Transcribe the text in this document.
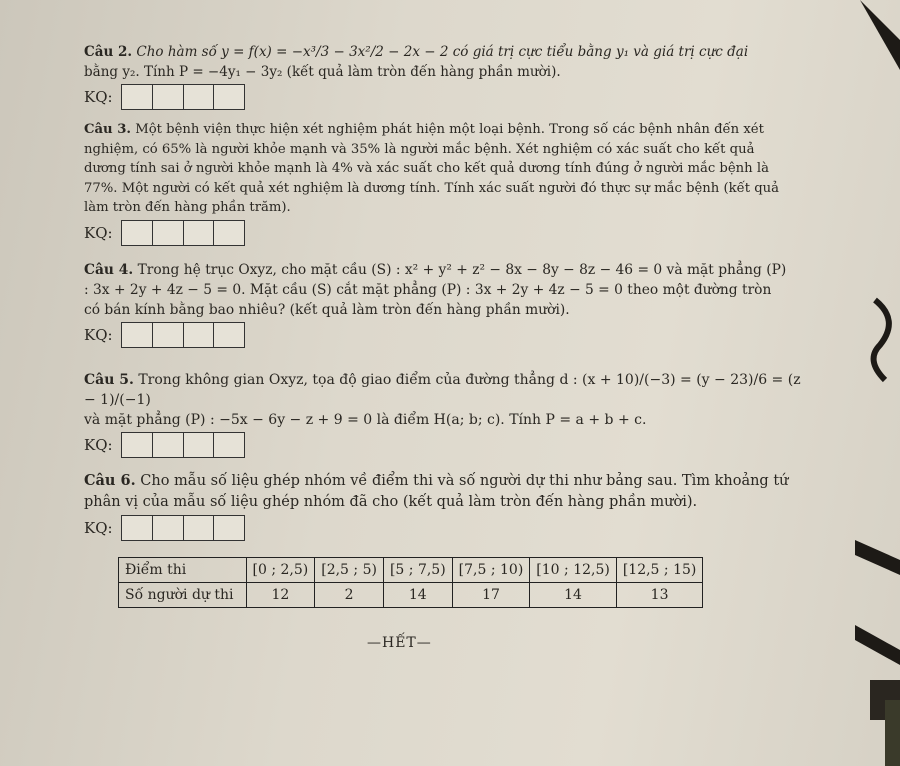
Câu 2. Cho hàm số y = f(x) = −x³/3 − 3x²/2 − 2x − 2 có giá trị cực tiểu bằng y₁ và giá trị cực đại
bằng y₂. Tính P = −4y₁ − 3y₂ (kết quả làm tròn đến hàng phần mười).
KQ:
Câu 3. Một bệnh viện thực hiện xét nghiệm phát hiện một loại bệnh. Trong số các bệnh nhân đến xét nghiệm, có 65% là người khỏe mạnh và 35% là người mắc bệnh. Xét nghiệm có xác suất cho kết quả dương tính sai ở người khỏe mạnh là 4% và xác suất cho kết quả dương tính đúng ở người mắc bệnh là 77%. Một người có kết quả xét nghiệm là dương tính. Tính xác suất người đó thực sự mắc bệnh (kết quả làm tròn đến hàng phần trăm).
KQ:
Câu 4. Trong hệ trục Oxyz, cho mặt cầu (S) : x² + y² + z² − 8x − 8y − 8z − 46 = 0 và mặt phẳng (P) : 3x + 2y + 4z − 5 = 0. Mặt cầu (S) cắt mặt phẳng (P) : 3x + 2y + 4z − 5 = 0 theo một đường tròn có bán kính bằng bao nhiêu? (kết quả làm tròn đến hàng phần mười).
KQ:
Câu 5. Trong không gian Oxyz, tọa độ giao điểm của đường thẳng d : (x + 10)/(−3) = (y − 23)/6 = (z − 1)/(−1)
và mặt phẳng (P) : −5x − 6y − z + 9 = 0 là điểm H(a; b; c). Tính P = a + b + c.
KQ:
Câu 6. Cho mẫu số liệu ghép nhóm về điểm thi và số người dự thi như bảng sau. Tìm khoảng tứ phân vị của mẫu số liệu ghép nhóm đã cho (kết quả làm tròn đến hàng phần mười).
KQ:
Điểm thi	[0 ; 2,5)	[2,5 ; 5)	[5 ; 7,5)	[7,5 ; 10)	[10 ; 12,5)	[12,5 ; 15)
Số người dự thi	12	2	14	17	14	13
—HẾT—
